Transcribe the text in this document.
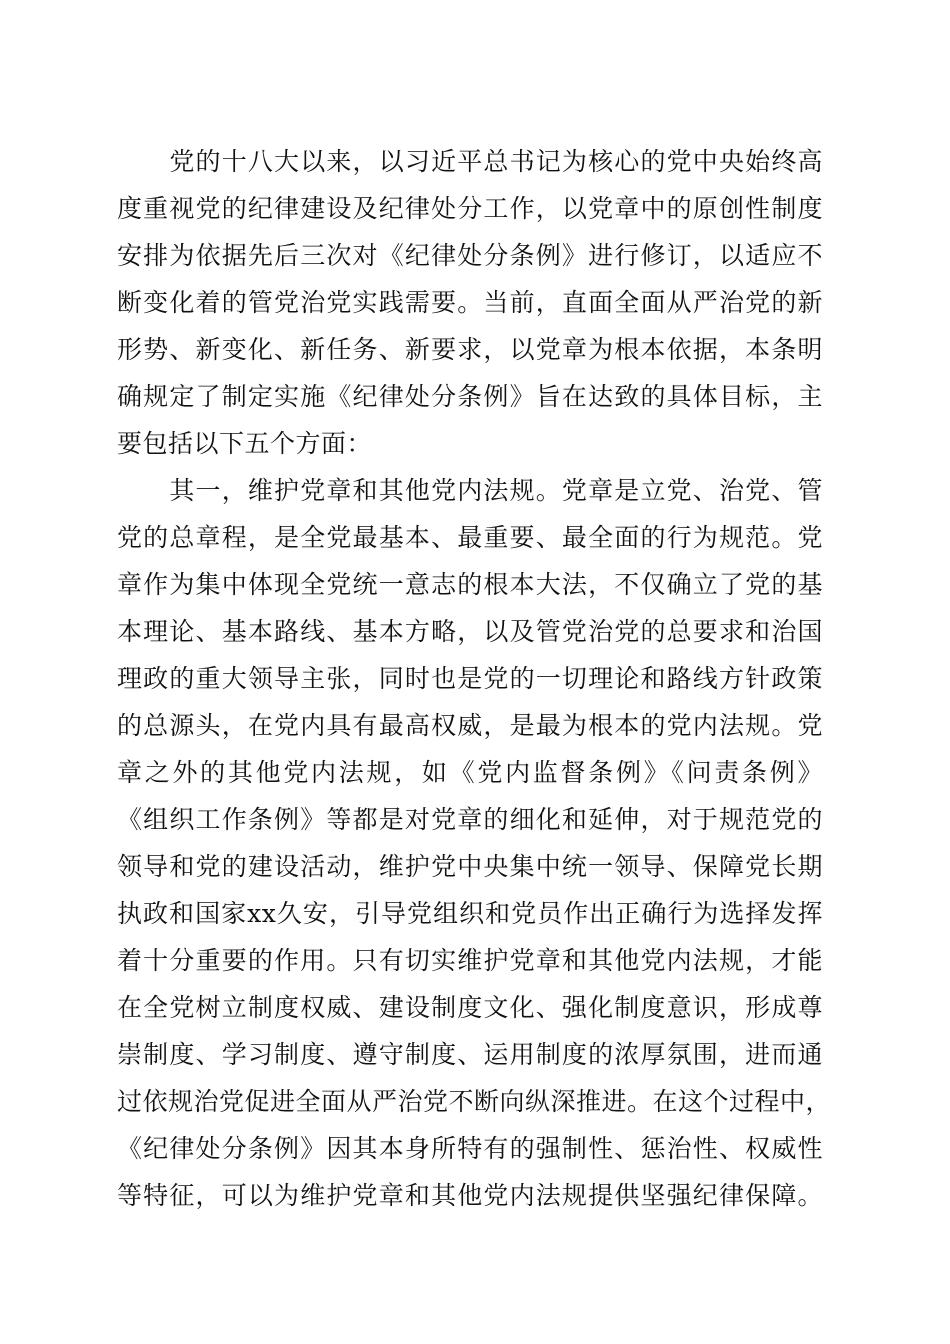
　　党的十八大以来，以习近平总书记为核心的党中央始终高
度重视党的纪律建设及纪律处分工作，以党章中的原创性制度
安排为依据先后三次对《纪律处分条例》进行修订，以适应不
断变化着的管党治党实践需要。当前，直面全面从严治党的新
形势、新变化、新任务、新要求，以党章为根本依据，本条明
确规定了制定实施《纪律处分条例》旨在达致的具体目标，主
要包括以下五个方面：
　　其一，维护党章和其他党内法规。党章是立党、治党、管
党的总章程，是全党最基本、最重要、最全面的行为规范。党
章作为集中体现全党统一意志的根本大法，不仅确立了党的基
本理论、基本路线、基本方略，以及管党治党的总要求和治国
理政的重大领导主张，同时也是党的一切理论和路线方针政策
的总源头，在党内具有最高权威，是最为根本的党内法规。党
章之外的其他党内法规，如《党内监督条例》《问责条例》
《组织工作条例》等都是对党章的细化和延伸，对于规范党的
领导和党的建设活动，维护党中央集中统一领导、保障党长期
执政和国家xx久安，引导党组织和党员作出正确行为选择发挥
着十分重要的作用。只有切实维护党章和其他党内法规，才能
在全党树立制度权威、建设制度文化、强化制度意识，形成尊
崇制度、学习制度、遵守制度、运用制度的浓厚氛围，进而通
过依规治党促进全面从严治党不断向纵深推进。在这个过程中，
《纪律处分条例》因其本身所特有的强制性、惩治性、权威性
等特征，可以为维护党章和其他党内法规提供坚强纪律保障。
